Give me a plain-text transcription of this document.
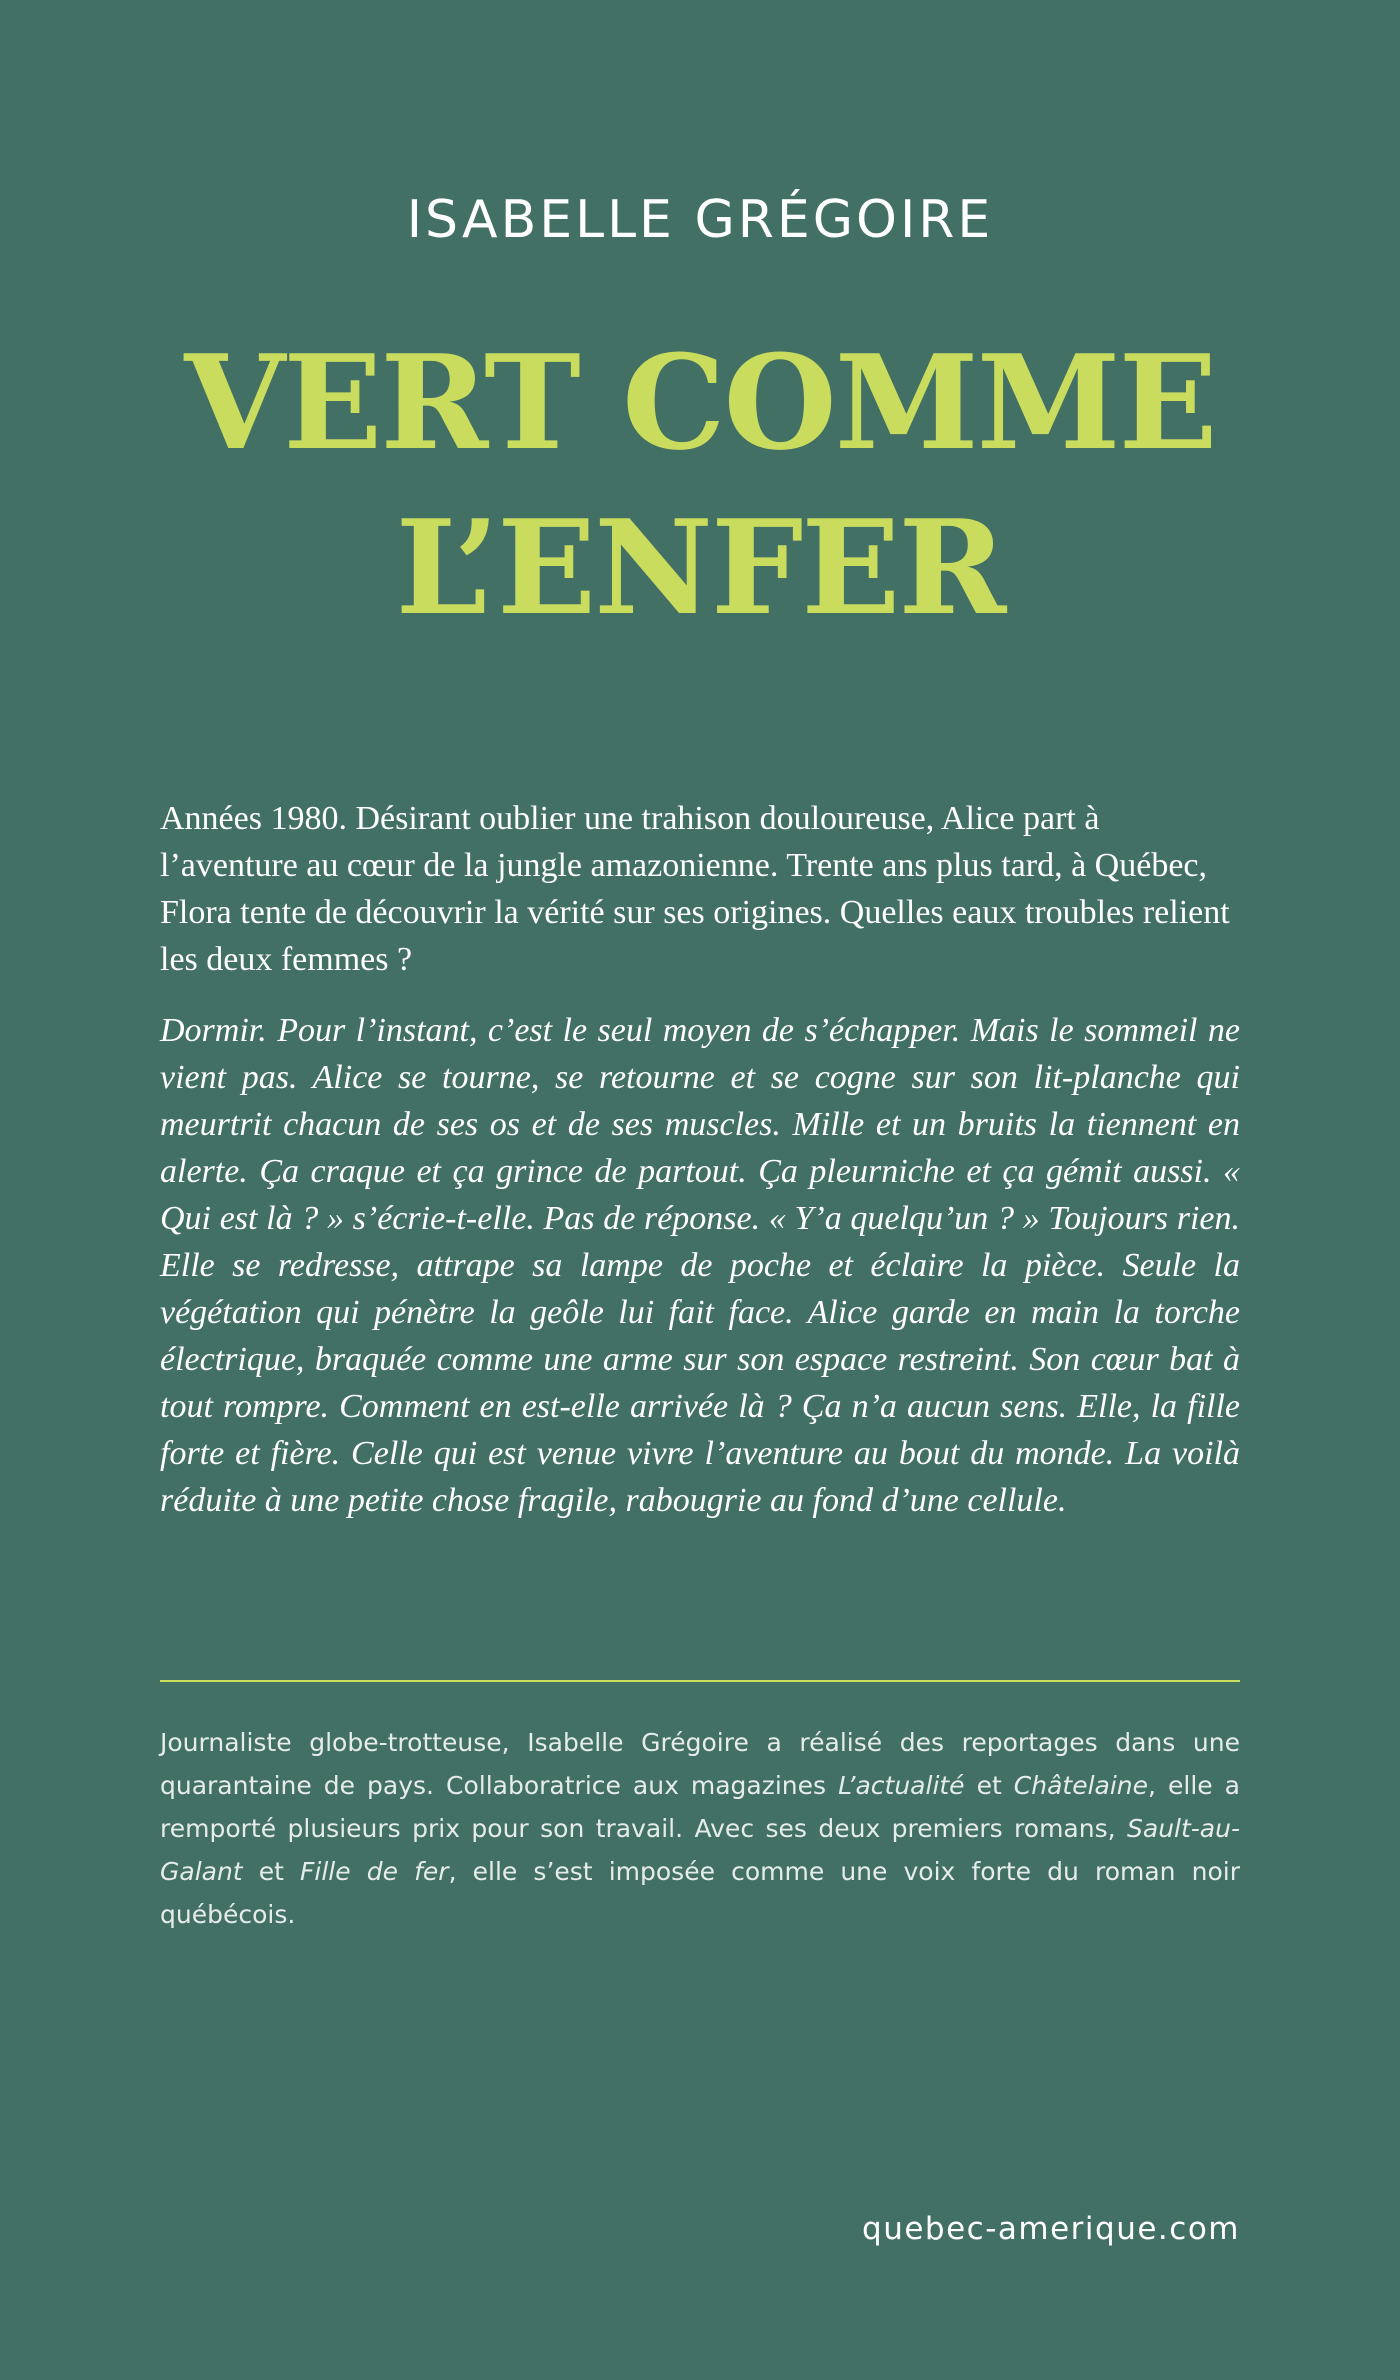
ISABELLE GRÉGOIRE
VERT COMME
L’ENFER

Années 1980. Désirant oublier une trahison douloureuse, Alice part à l’aventure au cœur de la jungle amazonienne. Trente ans plus tard, à Québec, Flora tente de découvrir la vérité sur ses origines. Quelles eaux troubles relient les deux femmes ?

Dormir. Pour l’instant, c’est le seul moyen de s’échapper. Mais le sommeil ne vient pas. Alice se tourne, se retourne et se cogne sur son lit-planche qui meurtrit chacun de ses os et de ses muscles. Mille et un bruits la tiennent en alerte. Ça craque et ça grince de partout. Ça pleurniche et ça gémit aussi. « Qui est là ? » s’écrie-t-elle. Pas de réponse. « Y’a quelqu’un ? » Toujours rien. Elle se redresse, attrape sa lampe de poche et éclaire la pièce. Seule la végétation qui pénètre la geôle lui fait face. Alice garde en main la torche électrique, braquée comme une arme sur son espace restreint. Son cœur bat à tout rompre. Comment en est-elle arrivée là ? Ça n’a aucun sens. Elle, la fille forte et fière. Celle qui est venue vivre l’aventure au bout du monde. La voilà réduite à une petite chose fragile, rabougrie au fond d’une cellule.

Journaliste globe-trotteuse, Isabelle Grégoire a réalisé des reportages dans une quarantaine de pays. Collaboratrice aux magazines L’actualité et Châtelaine, elle a remporté plusieurs prix pour son travail. Avec ses deux premiers romans, Sault-au-Galant et Fille de fer, elle s’est imposée comme une voix forte du roman noir québécois.

quebec-amerique.com
